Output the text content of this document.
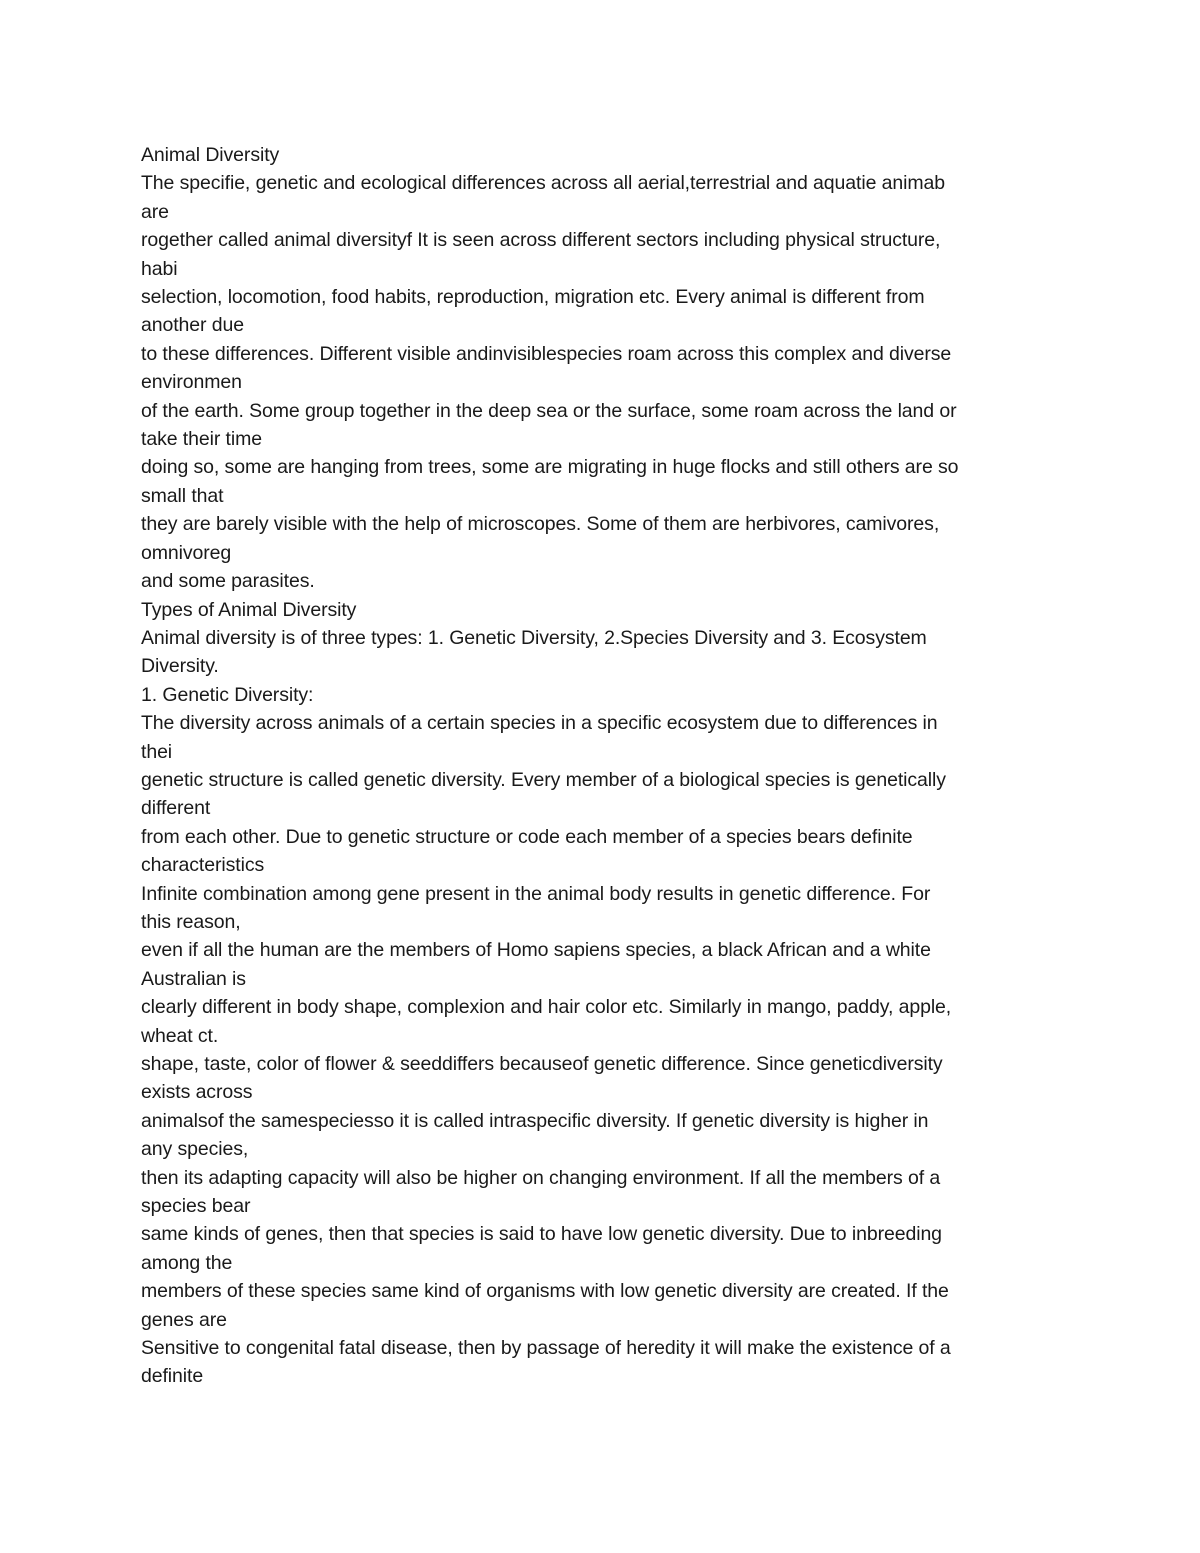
Animal Diversity
The specifie, genetic and ecological differences across all aerial,terrestrial and aquatie animab
are
rogether called animal diversityf It is seen across different sectors including physical structure,
habi
selection, locomotion, food habits, reproduction, migration etc. Every animal is different from
another due
to these differences. Different visible andinvisiblespecies roam across this complex and diverse
environmen
of the earth. Some group together in the deep sea or the surface, some roam across the land or
take their time
doing so, some are hanging from trees, some are migrating in huge flocks and still others are so
small that
they are barely visible with the help of microscopes. Some of them are herbivores, camivores,
omnivoreg
and some parasites.
Types of Animal Diversity
Animal diversity is of three types: 1. Genetic Diversity, 2.Species Diversity and 3. Ecosystem
Diversity.
1. Genetic Diversity:
The diversity across animals of a certain species in a specific ecosystem due to differences in
thei
genetic structure is called genetic diversity. Every member of a biological species is genetically
different
from each other. Due to genetic structure or code each member of a species bears definite
characteristics
Infinite combination among gene present in the animal body results in genetic difference. For
this reason,
even if all the human are the members of Homo sapiens species, a black African and a white
Australian is
clearly different in body shape, complexion and hair color etc. Similarly in mango, paddy, apple,
wheat ct.
shape, taste, color of flower & seeddiffers becauseof genetic difference. Since geneticdiversity
exists across
animalsof the samespeciesso it is called intraspecific diversity. If genetic diversity is higher in
any species,
then its adapting capacity will also be higher on changing environment. If all the members of a
species bear
same kinds of genes, then that species is said to have low genetic diversity. Due to inbreeding
among the
members of these species same kind of organisms with low genetic diversity are created. If the
genes are
Sensitive to congenital fatal disease, then by passage of heredity it will make the existence of a
definite
